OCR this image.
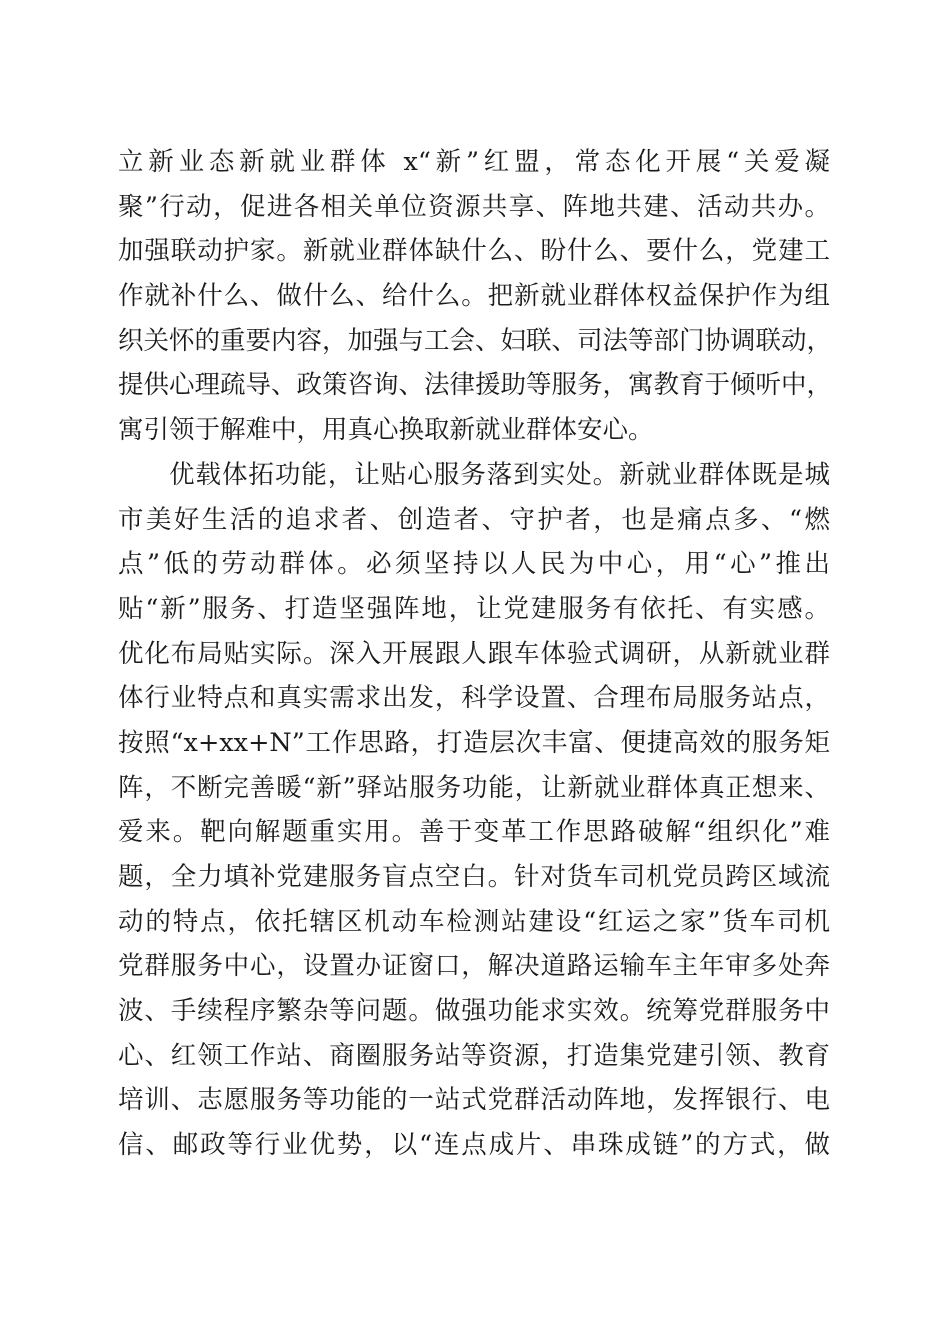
立新业态新就业群体 x“新”红盟，常态化开展“关爱凝
聚”行动，促进各相关单位资源共享、阵地共建、活动共办。
加强联动护家。新就业群体缺什么、盼什么、要什么，党建工
作就补什么、做什么、给什么。把新就业群体权益保护作为组
织关怀的重要内容，加强与工会、妇联、司法等部门协调联动，
提供心理疏导、政策咨询、法律援助等服务，寓教育于倾听中，
寓引领于解难中，用真心换取新就业群体安心。
优载体拓功能，让贴心服务落到实处。新就业群体既是城
市美好生活的追求者、创造者、守护者，也是痛点多、“燃
点”低的劳动群体。必须坚持以人民为中心，用“心”推出
贴“新”服务、打造坚强阵地，让党建服务有依托、有实感。
优化布局贴实际。深入开展跟人跟车体验式调研，从新就业群
体行业特点和真实需求出发，科学设置、合理布局服务站点，
按照“x+xx+N”工作思路，打造层次丰富、便捷高效的服务矩
阵，不断完善暖“新”驿站服务功能，让新就业群体真正想来、
爱来。靶向解题重实用。善于变革工作思路破解“组织化”难
题，全力填补党建服务盲点空白。针对货车司机党员跨区域流
动的特点，依托辖区机动车检测站建设“红运之家”货车司机
党群服务中心，设置办证窗口，解决道路运输车主年审多处奔
波、手续程序繁杂等问题。做强功能求实效。统筹党群服务中
心、红领工作站、商圈服务站等资源，打造集党建引领、教育
培训、志愿服务等功能的一站式党群活动阵地，发挥银行、电
信、邮政等行业优势，以“连点成片、串珠成链”的方式，做
